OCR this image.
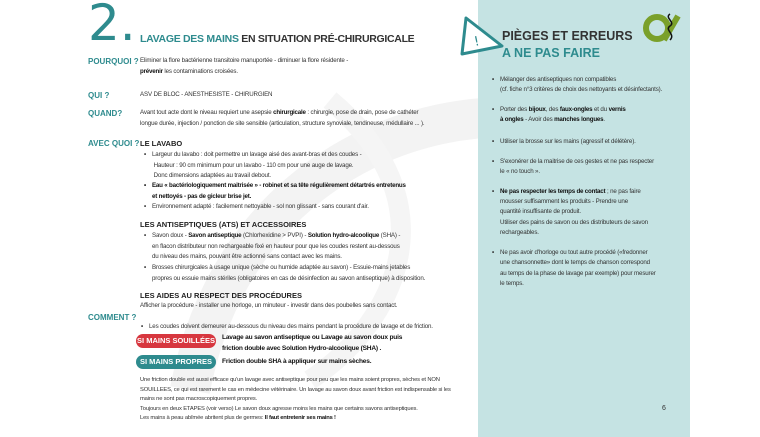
2. LAVAGE DES MAINS EN SITUATION PRÉ-CHIRURGICALE
POURQUOI ? Eliminer la flore bactérienne transitoire manuportée - diminuer la flore résidente -
prévenir les contaminations croisées.
QUI ?	ASV DE BLOC - ANESTHESISTE - CHIRURGIEN
QUAND?	Avant tout acte dont le niveau requiert une asepsie chirurgicale : chirurgie, pose de drain, pose de cathéter
longue durée, injection / ponction de site sensible (articulation, structure synoviale, tendineuse, médullaire ... ).
AVEC QUOI ? LE LAVABO
• Largeur du lavabo : doit permettre un lavage aisé des avant-bras et des coudes -
Hauteur : 90 cm minimum pour un lavabo - 110 cm pour une auge de lavage.
Donc dimensions adaptées au travail debout.
• Eau « bactériologiquement maitrisée » - robinet et sa tête régulièrement détartrés entretenus
et nettoyés - pas de gicleur brise jet.
• Environnement adapté : facilement nettoyable - sol non glissant - sans courant d'air.
LES ANTISEPTIQUES (ATS) ET ACCESSOIRES
• Savon doux - Savon antiseptique (Chlorhexidine > PVPI) - Solution hydro-alcoolique (SHA) -
en flacon distributeur non rechargeable fixé en hauteur pour que les coudes restent au-dessous
du niveau des mains, pouvant être actionné sans contact avec les mains.
• Brosses chirurgicales à usage unique (sèche ou humide adaptée au savon) - Essuie-mains jetables
propres ou essuie mains stériles (obligatoires en cas de désinfection au savon antiseptique) à disposition.
LES AIDES AU RESPECT DES PROCÉDURES
Afficher la procédure - installer une horloge, un minuteur - investir dans des poubelles sans contact.
COMMENT ?
• Les coudes doivent demeurer au-dessous du niveau des mains pendant la procédure de lavage et de friction.
SI MAINS SOUILLÉES Lavage au savon antiseptique ou Lavage au savon doux puis
friction double avec Solution Hydro-alcoolique (SHA) .
SI MAINS PROPRES	Friction double SHA à appliquer sur mains sèches.
Une friction double est aussi efficace qu'un lavage avec antiseptique pour peu que les mains soient propres, sèches et NON
SOUILLEES, ce qui est rarement le cas en médecine vétérinaire. Un lavage au savon doux avant friction est indispensable si les
mains ne sont pas macroscopiquement propres.
Toujours en deux ETAPES (voir verso) Le savon doux agresse moins les mains que certains savons antiseptiques.
Les mains à peau abîmée abritent plus de germes: Il faut entretenir ses mains !
! PIÈGES ET ERREURS
A NE PAS FAIRE
• Mélanger des antiseptiques non compatibles
(cf. fiche n°3 critères de choix des nettoyants et désinfectants).
• Porter des bijoux, des faux-ongles et du vernis
à ongles - Avoir des manches longues.
• Utiliser la brosse sur les mains (agressif et délétère).
• S'exonérer de la maitrise de ces gestes et ne pas respecter
le « no touch ».
• Ne pas respecter les temps de contact ; ne pas faire
mousser suffisamment les produits - Prendre une
quantité insuffisante de produit.
Utiliser des pains de savon ou des distributeurs de savon
rechargeables.
• Ne pas avoir d'horloge ou tout autre procédé («fredonner
une chansonnette» dont le temps de chanson correspond
au temps de la phase de lavage par exemple) pour mesurer
le temps.
6
